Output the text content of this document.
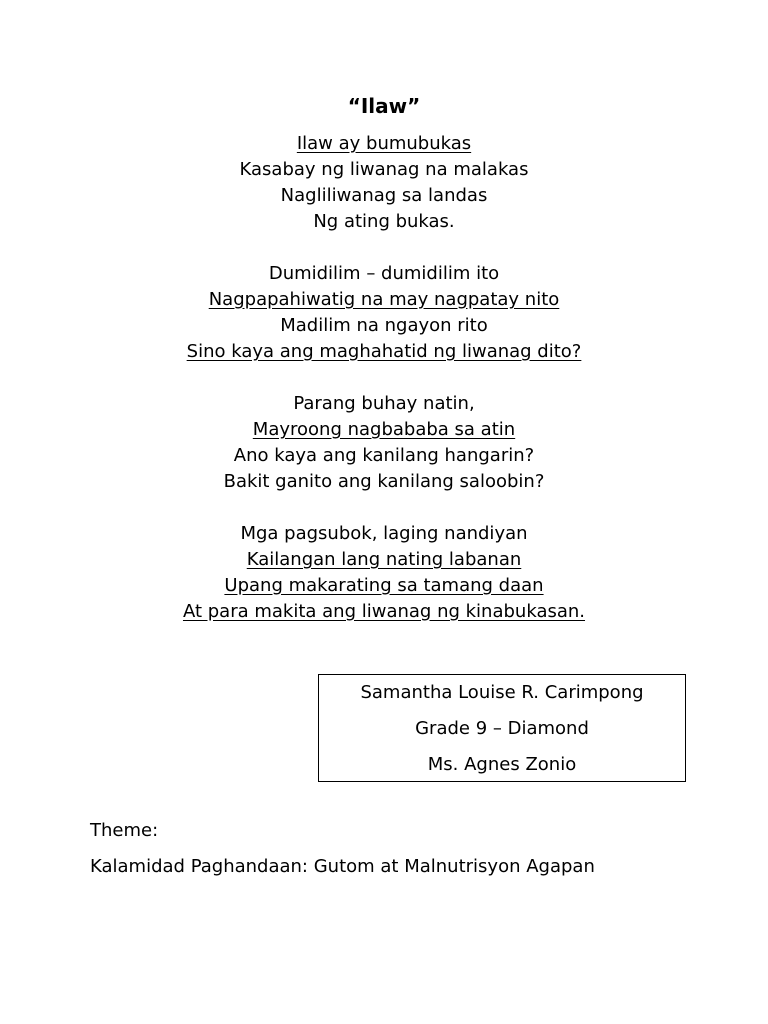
“Ilaw”
Ilaw ay bumubukas
Kasabay ng liwanag na malakas
Nagliliwanag sa landas
Ng ating bukas.
Dumidilim – dumidilim ito
Nagpapahiwatig na may nagpatay nito
Madilim na ngayon rito
Sino kaya ang maghahatid ng liwanag dito?
Parang buhay natin,
Mayroong nagbababa sa atin
Ano kaya ang kanilang hangarin?
Bakit ganito ang kanilang saloobin?
Mga pagsubok, laging nandiyan
Kailangan lang nating labanan
Upang makarating sa tamang daan
At para makita ang liwanag ng kinabukasan.
Samantha Louise R. Carimpong
Grade 9 – Diamond
Ms. Agnes Zonio
Theme:
Kalamidad Paghandaan: Gutom at Malnutrisyon Agapan
